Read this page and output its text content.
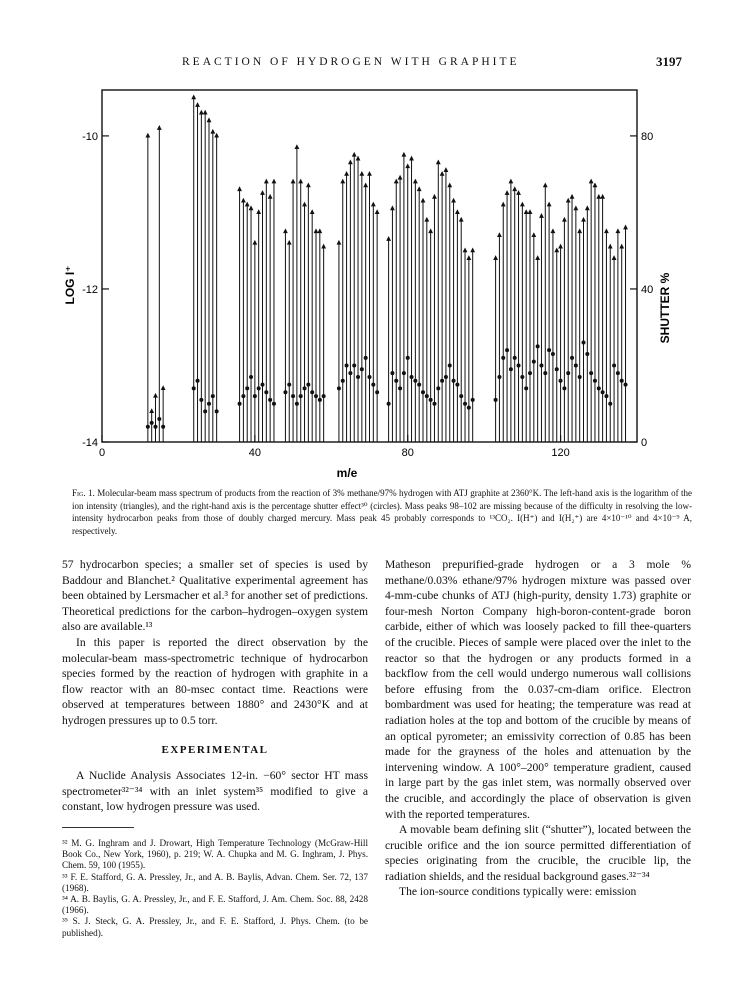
REACTION OF HYDROGEN WITH GRAPHITE	3197
0	40	80	120
-14
-12
-10
0
40
80
m/e
LOG I⁺	SHUTTER %
Fig. 1. Molecular-beam mass spectrum of products from the reaction of 3% methane/97% hydrogen with ATJ graphite at 2360°K. The left-hand axis is the logarithm of the ion intensity (triangles), and the right-hand axis is the percentage shutter effect³⁰ (circles). Mass peaks 98–102 are missing because of the difficulty in resolving the low-intensity hydrocarbon peaks from those of doubly charged mercury. Mass peak 45 probably corresponds to ¹³CO₂. I(H⁺) and I(H₂⁺) are 4×10⁻¹⁰ and 4×10⁻⁹ A, respectively.

57 hydrocarbon species; a smaller set of species is used by Baddour and Blanchet.² Qualitative experimental agreement has been obtained by Lersmacher et al.³ for another set of predictions. Theoretical predictions for the carbon–hydrogen–oxygen system also are available.¹³

In this paper is reported the direct observation by the molecular-beam mass-spectrometric technique of hydrocarbon species formed by the reaction of hydrogen with graphite in a flow reactor with an 80-msec contact time. Reactions were observed at temperatures between 1880° and 2430°K and at hydrogen pressures up to 0.5 torr.

EXPERIMENTAL

A Nuclide Analysis Associates 12-in. −60° sector HT mass spectrometer³²⁻³⁴ with an inlet system³⁵ modified to give a constant, low hydrogen pressure was used.

³² M. G. Inghram and J. Drowart, High Temperature Technology (McGraw-Hill Book Co., New York, 1960), p. 219; W. A. Chupka and M. G. Inghram, J. Phys. Chem. 59, 100 (1955).

³³ F. E. Stafford, G. A. Pressley, Jr., and A. B. Baylis, Advan. Chem. Ser. 72, 137 (1968).

³⁴ A. B. Baylis, G. A. Pressley, Jr., and F. E. Stafford, J. Am. Chem. Soc. 88, 2428 (1966).

³⁵ S. J. Steck, G. A. Pressley, Jr., and F. E. Stafford, J. Phys. Chem. (to be published).

Matheson prepurified-grade hydrogen or a 3 mole % methane/0.03% ethane/97% hydrogen mixture was passed over 4-mm-cube chunks of ATJ (high-purity, density 1.73) graphite or four-mesh Norton Company high-boron-content-grade boron carbide, either of which was loosely packed to fill thee-quarters of the crucible. Pieces of sample were placed over the inlet to the reactor so that the hydrogen or any products formed in a backflow from the cell would undergo numerous wall collisions before effusing from the 0.037-cm-diam orifice. Electron bombardment was used for heating; the temperature was read at radiation holes at the top and bottom of the crucible by means of an optical pyrometer; an emissivity correction of 0.85 has been made for the grayness of the holes and attenuation by the intervening window. A 100°–200° temperature gradient, caused in large part by the gas inlet stem, was normally observed over the crucible, and accordingly the place of observation is given with the reported temperatures.

A movable beam defining slit (“shutter”), located between the crucible orifice and the ion source permitted differentiation of species originating from the crucible, the crucible lip, the radiation shields, and the residual background gases.³²⁻³⁴

The ion-source conditions typically were: emission
